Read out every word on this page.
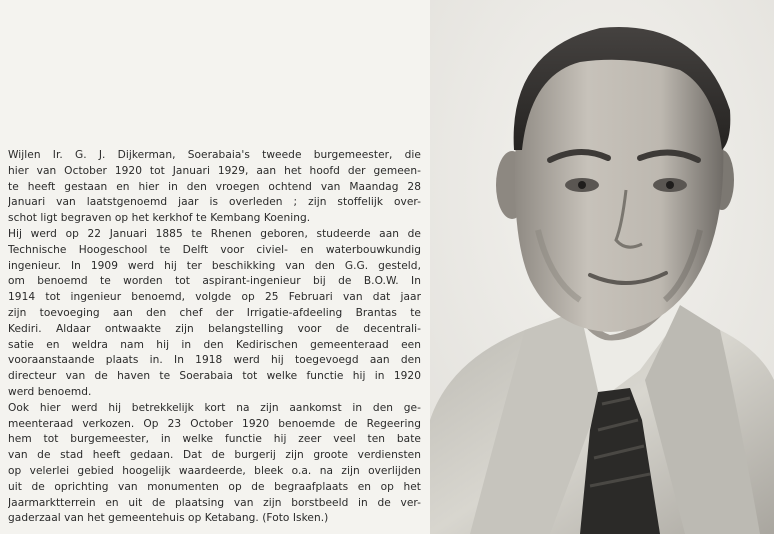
Wijlen Ir. G. J. Dijkerman, Soerabaia's tweede burgemeester, die
hier van October 1920 tot Januari 1929, aan het hoofd der gemeen-
te heeft gestaan en hier in den vroegen ochtend van Maandag 28
Januari van laatstgenoemd jaar is overleden ; zijn stoffelijk over-
schot ligt begraven op het kerkhof te Kembang Koening.
Hij werd op 22 Januari 1885 te Rhenen geboren, studeerde aan de
Technische Hoogeschool te Delft voor civiel- en waterbouwkundig
ingenieur. In 1909 werd hij ter beschikking van den G.G. gesteld,
om benoemd te worden tot aspirant-ingenieur bij de B.O.W. In
1914 tot ingenieur benoemd, volgde op 25 Februari van dat jaar
zijn toevoeging aan den chef der Irrigatie-afdeeling Brantas te
Kediri. Aldaar ontwaakte zijn belangstelling voor de decentrali-
satie en weldra nam hij in den Kedirischen gemeenteraad een
vooraanstaande plaats in. In 1918 werd hij toegevoegd aan den
directeur van de haven te Soerabaia tot welke functie hij in 1920
werd benoemd.
Ook hier werd hij betrekkelijk kort na zijn aankomst in den ge-
meenteraad verkozen. Op 23 October 1920 benoemde de Regeering
hem tot burgemeester, in welke functie hij zeer veel ten bate
van de stad heeft gedaan. Dat de burgerij zijn groote verdiensten
op velerlei gebied hoogelijk waardeerde, bleek o.a. na zijn overlijden
uit de oprichting van monumenten op de begraafplaats en op het
Jaarmarktterrein en uit de plaatsing van zijn borstbeeld in de ver-
gaderzaal van het gemeentehuis op Ketabang. (Foto Isken.)
